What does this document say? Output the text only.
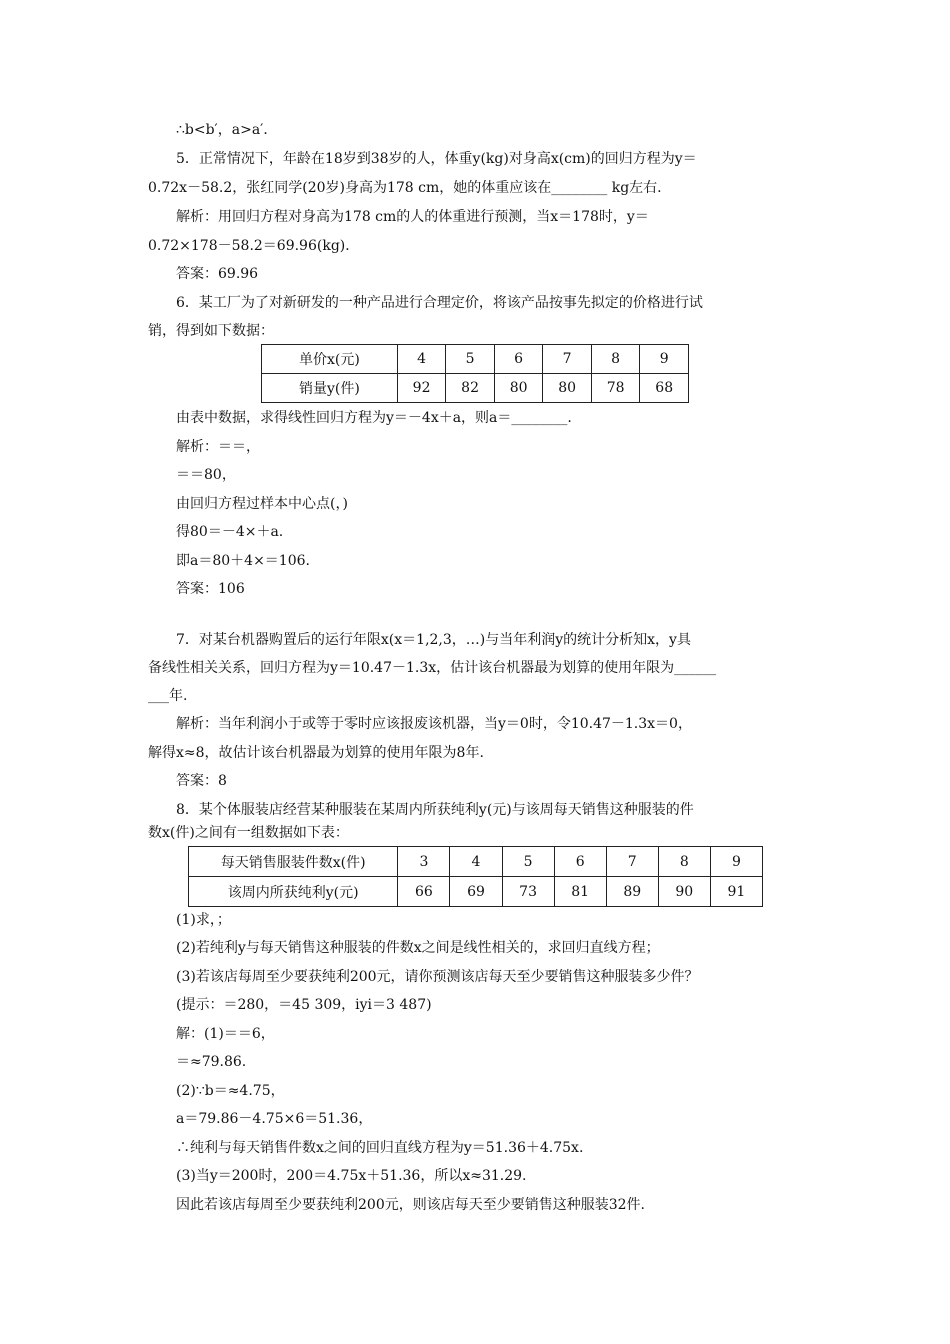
∴b<b′，a>a′．
5．正常情况下，年龄在18岁到38岁的人，体重y(kg)对身高x(cm)的回归方程为y＝
0.72x－58.2，张红同学(20岁)身高为178 cm，她的体重应该在________ kg左右.
解析：用回归方程对身高为178 cm的人的体重进行预测，当x＝178时，y＝
0.72×178－58.2＝69.96(kg)．
答案：69.96
6．某工厂为了对新研发的一种产品进行合理定价，将该产品按事先拟定的价格进行试
销，得到如下数据：
单价x(元)	4	5	6	7	8	9
销量y(件)	92	82	80	80	78	68
由表中数据，求得线性回归方程为y＝－4x＋a，则a＝________.
解析：＝＝，
＝＝80，
由回归方程过样本中心点(，)
得80＝－4×＋a.
即a＝80＋4×＝106.
答案：106
7．对某台机器购置后的运行年限x(x＝1,2,3，…)与当年利润y的统计分析知x，y具
备线性相关关系，回归方程为y＝10.47－1.3x，估计该台机器最为划算的使用年限为______
___年.
解析：当年利润小于或等于零时应该报废该机器，当y＝0时，令10.47－1.3x＝0，
解得x≈8，故估计该台机器最为划算的使用年限为8年.
答案：8
8．某个体服装店经营某种服装在某周内所获纯利y(元)与该周每天销售这种服装的件
数x(件)之间有一组数据如下表：
每天销售服装件数x(件)	3	4	5	6	7	8	9
该周内所获纯利y(元)	66	69	73	81	89	90	91
(1)求，；
(2)若纯利y与每天销售这种服装的件数x之间是线性相关的，求回归直线方程；
(3)若该店每周至少要获纯利200元，请你预测该店每天至少要销售这种服装多少件？
(提示：＝280，＝45 309，iyi＝3 487)
解：(1)＝＝6，
＝≈79.86.
(2)∵b＝≈4.75，
a＝79.86－4.75×6＝51.36，
∴纯利与每天销售件数x之间的回归直线方程为y＝51.36＋4.75x.
(3)当y＝200时，200＝4.75x＋51.36，所以x≈31.29.
因此若该店每周至少要获纯利200元，则该店每天至少要销售这种服装32件.
